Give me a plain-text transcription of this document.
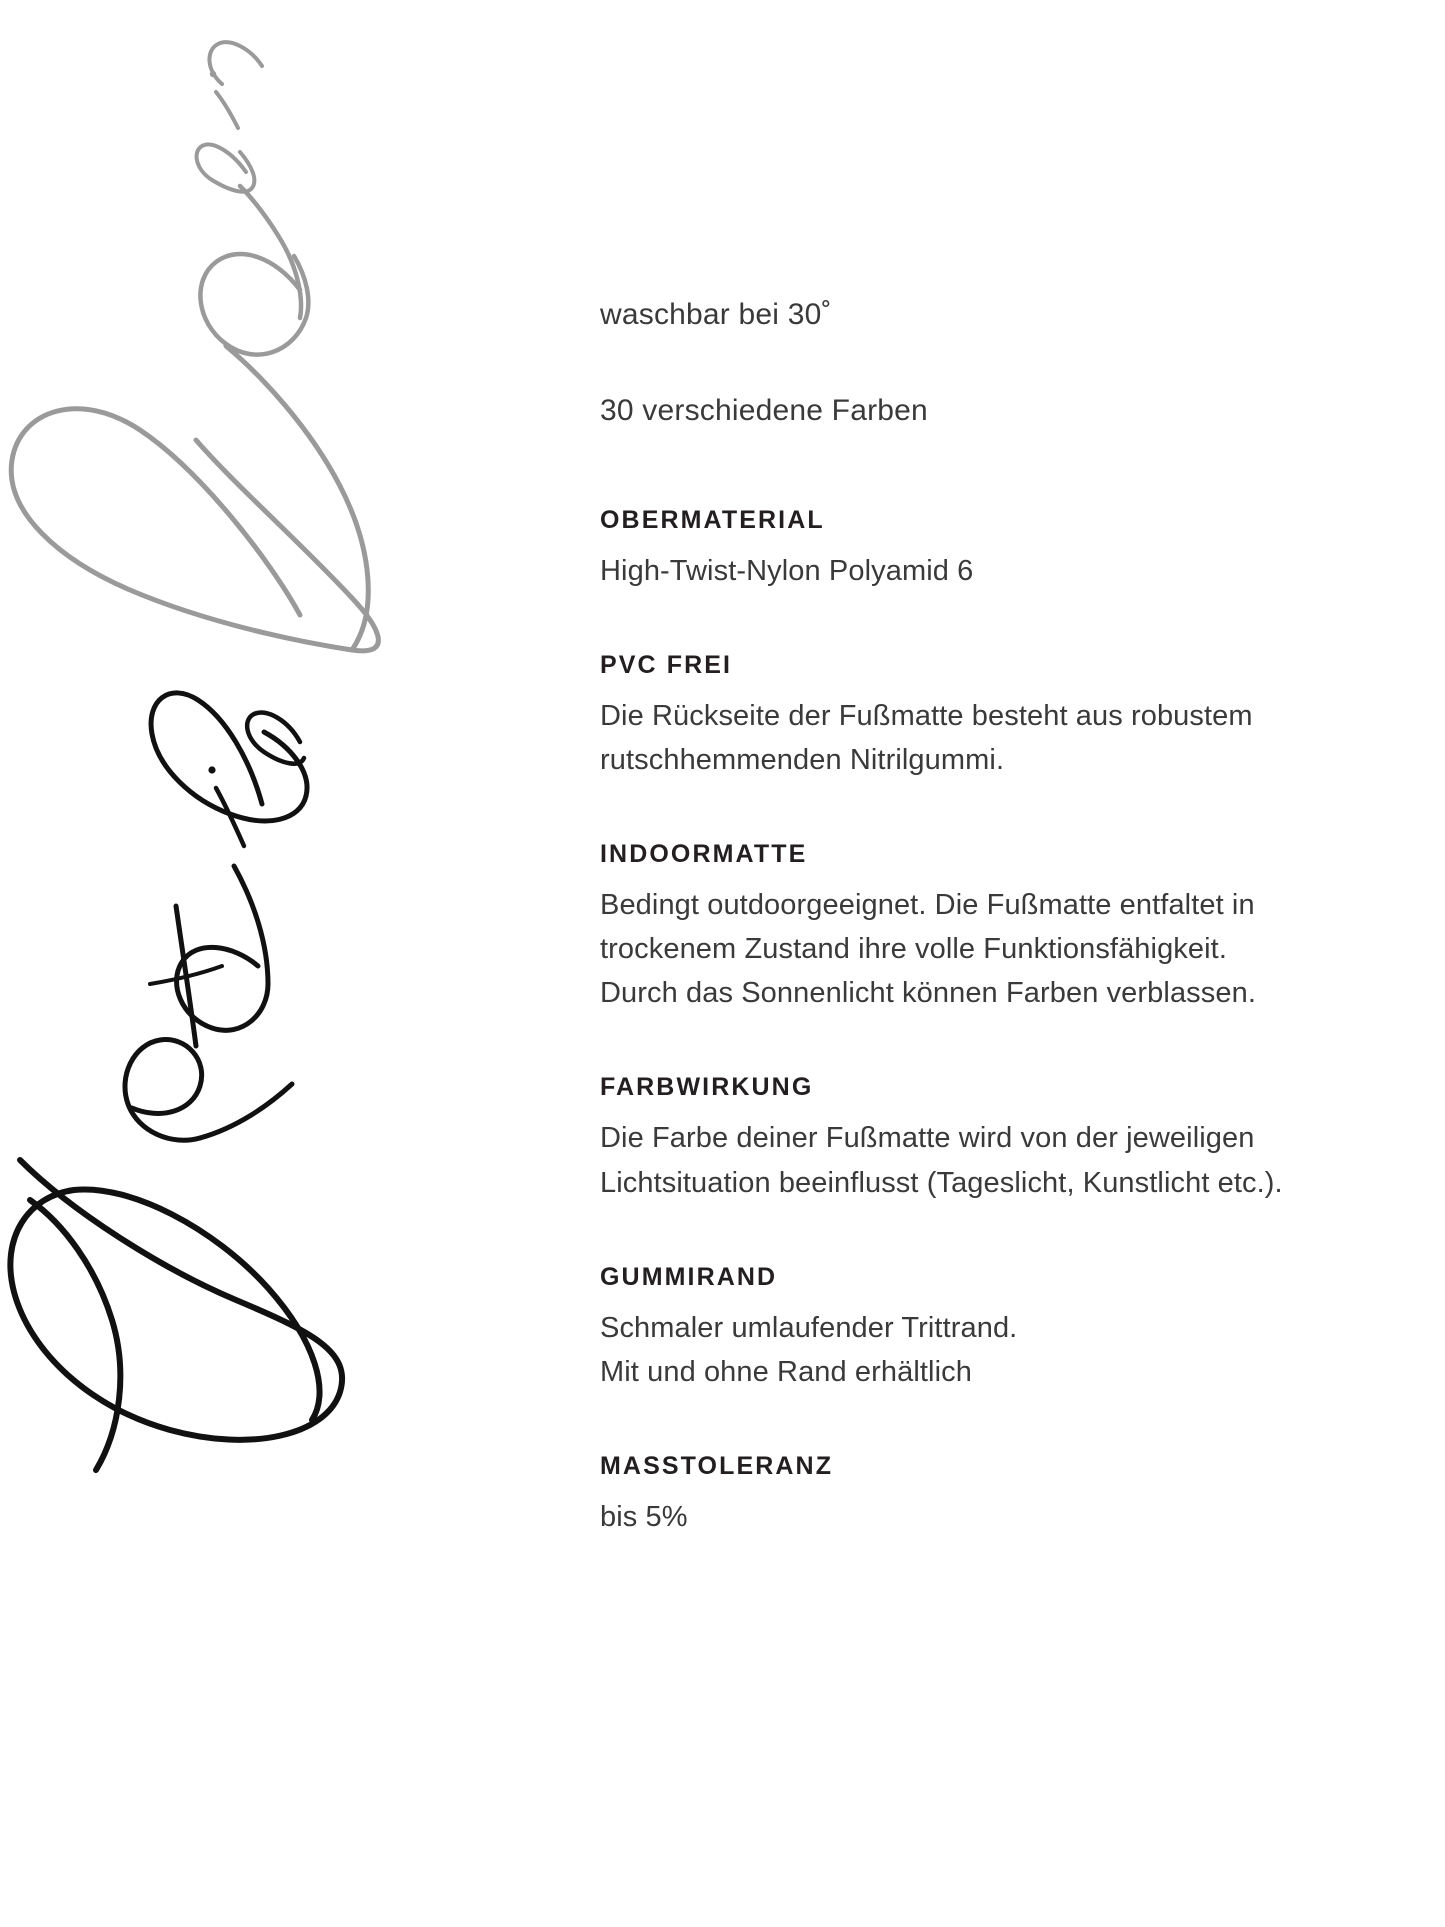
waschbar bei 30˚

30 verschiedene Farben

OBERMATERIAL

High-Twist-Nylon Polyamid 6

PVC FREI

Die Rückseite der Fußmatte besteht aus robustem rutschhemmenden Nitrilgummi.

INDOORMATTE

Bedingt outdoorgeeignet. Die Fußmatte entfaltet in trockenem Zustand ihre volle Funktionsfähigkeit.
Durch das Sonnenlicht können Farben verblassen.

FARBWIRKUNG

Die Farbe deiner Fußmatte wird von der jeweiligen Lichtsituation beeinflusst (Tageslicht, Kunstlicht etc.).

GUMMIRAND

Schmaler umlaufender Trittrand.
Mit und ohne Rand erhältlich

MASSTOLERANZ

bis 5%
